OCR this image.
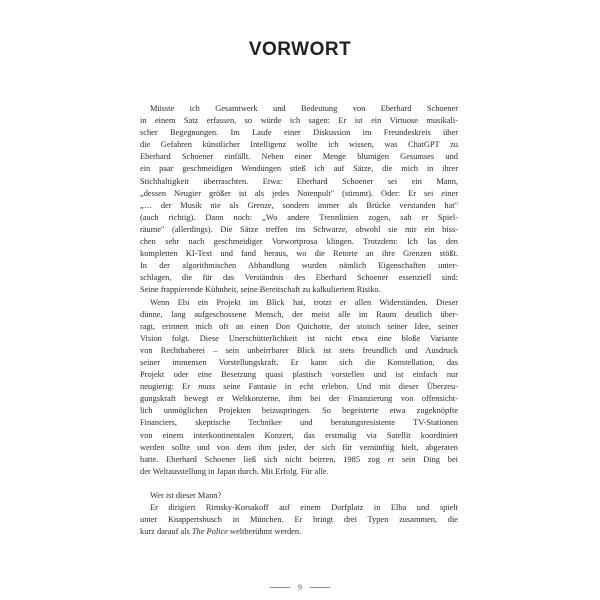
VORWORT
Müsste ich Gesamtwerk und Bedeutung von Eberhard Schoener
in einem Satz erfassen, so würde ich sagen: Er ist ein Virtuose musikali-
scher Begegnungen. Im Laufe einer Diskussion im Freundeskreis über
die Gefahren künstlicher Intelligenz wollte ich wissen, was ChatGPT zu
Eberhard Schoener einfällt. Neben einer Menge blumigen Gesumses und
ein paar geschmeidigen Wendungen stieß ich auf Sätze, die mich in ihrer
Stichhaltigkeit überraschten. Etwa: Eberhard Schoener sei ein Mann,
„dessen Neugier größer ist als jedes Notenpult" (stimmt). Oder: Er sei einer
„… der Musik nie als Grenze, sondern immer als Brücke verstanden hat"
(auch richtig). Dann noch: „Wo andere Trennlinien zogen, sah er Spiel-
räume" (allerdings). Die Sätze treffen ins Schwarze, obwohl sie mir ein biss-
chen sehr nach geschmeidiger Vorwortprosa klingen. Trotzdem: Ich las den
kompletten KI-Text und fand heraus, wo die Retorte an ihre Grenzen stößt.
In der algorithmischen Abhandlung wurden nämlich Eigenschaften unter-
schlagen, die für das Verständnis des Eberhard Schoener essenziell sind:
Seine frappierende Kühnheit, seine Bereitschaft zu kalkuliertem Risiko.
Wenn Ebi ein Projekt im Blick hat, trotzt er allen Widerständen. Dieser
dünne, lang aufgeschossene Mensch, der meist alle im Raum deutlich über-
ragt, erinnert mich oft an einen Don Quichotte, der stoisch seiner Idee, seiner
Vision folgt. Diese Unerschütterlichkeit ist nicht etwa eine bloße Variante
von Rechthaberei – sein unbeirrbarer Blick ist stets freundlich und Ausdruck
seiner immensen Vorstellungskraft. Er kann sich die Konstellation, das
Projekt oder eine Besetzung quasi plastisch vorstellen und ist einfach nur
neugierig: Er muss seine Fantasie in echt erleben. Und mit dieser Überzeu-
gungskraft bewegt er Weltkonzerne, ihm bei der Finanzierung von offensicht-
lich unmöglichen Projekten beizuspringen. So begeisterte etwa zugeknöpfte
Financiers, skeptische Techniker und beratungsresistente TV-Stationen
von einem interkontinentalen Konzert, das erstmalig via Satellit koordiniert
werden sollte und von dem ihm jeder, der sich für vernünftig hielt, abgeraten
hatte. Eberhard Schoener ließ sich nicht beirren, 1985 zog er sein Ding bei
der Weltausstellung in Japan durch. Mit Erfolg. Für alle.
Wer ist dieser Mann?
Er dirigiert Rimsky-Korsakoff auf einem Dorfplatz in Elba und spielt
unter Knappertsbusch in München. Er bringt drei Typen zusammen, die
kurz darauf als The Police weltberühmt werden.
9
